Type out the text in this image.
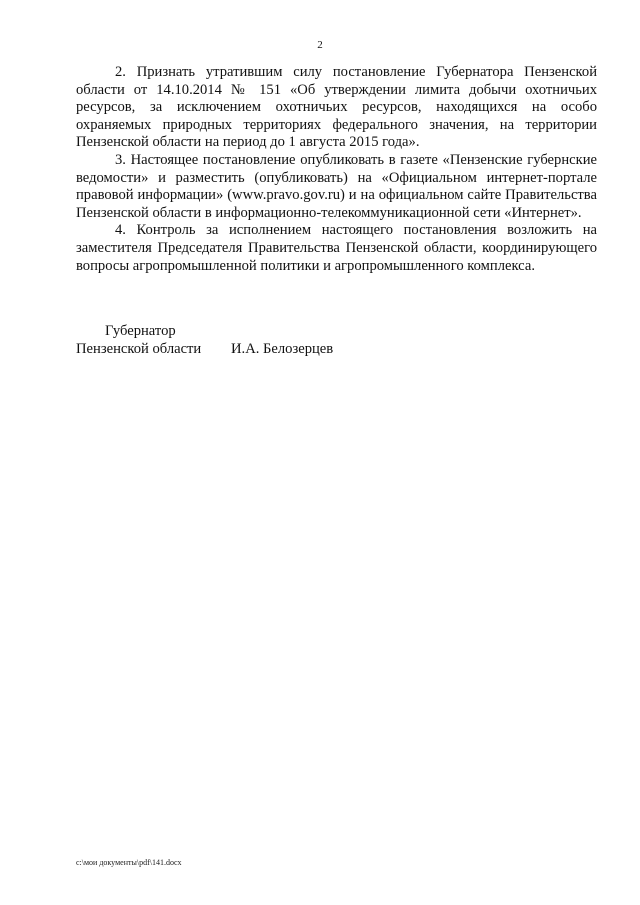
2

2. Признать утратившим силу постановление Губернатора Пензенской области от 14.10.2014 № 151 «Об утверждении лимита добычи охотничьих ресурсов, за исключением охотничьих ресурсов, находящихся на особо охраняемых природных территориях федерального значения, на территории Пензенской области на период до 1 августа 2015 года».

3. Настоящее постановление опубликовать в газете «Пензенские губернские ведомости» и разместить (опубликовать) на «Официальном интернет-портале правовой информации» (www.pravo.gov.ru) и на официальном сайте Правительства Пензенской области в информационно-телекоммуникационной сети «Интернет».

4. Контроль за исполнением настоящего постановления возложить на заместителя Председателя Правительства Пензенской области, координирующего вопросы агропромышленной политики и агропромышленного комплекса.

Губернатор
Пензенской области	И.А. Белозерцев
c:\мои документы\pdf\141.docx
